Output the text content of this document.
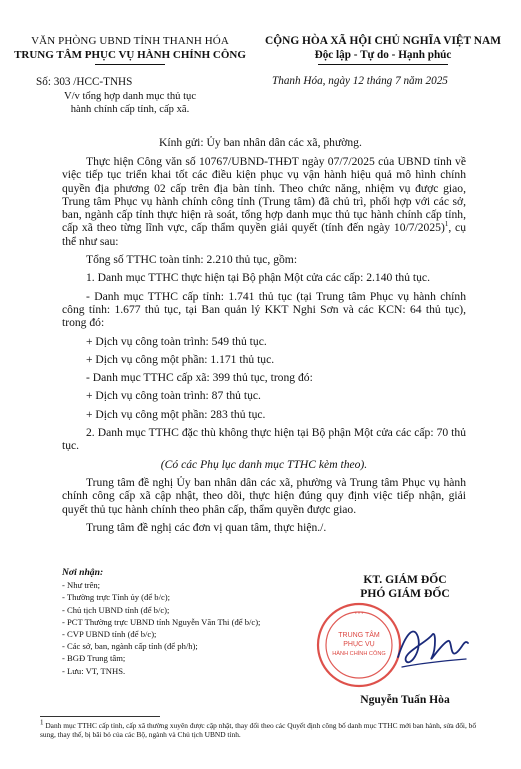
VĂN PHÒNG UBND TỈNH THANH HÓA
TRUNG TÂM PHỤC VỤ HÀNH CHÍNH CÔNG
CỘNG HÒA XÃ HỘI CHỦ NGHĨA VIỆT NAM
Độc lập - Tự do - Hạnh phúc
Số: 303 /HCC-TNHS
V/v tổng hợp danh mục thủ tục
hành chính cấp tỉnh, cấp xã.
Thanh Hóa, ngày 12 tháng 7 năm 2025
Kính gửi: Ủy ban nhân dân các xã, phường.

Thực hiện Công văn số 10767/UBND-THĐT ngày 07/7/2025 của UBND tỉnh về việc tiếp tục triển khai tốt các điều kiện phục vụ vận hành hiệu quả mô hình chính quyền địa phương 02 cấp trên địa bàn tỉnh. Theo chức năng, nhiệm vụ được giao, Trung tâm Phục vụ hành chính công tỉnh (Trung tâm) đã chủ trì, phối hợp với các sở, ban, ngành cấp tỉnh thực hiện rà soát, tổng hợp danh mục thủ tục hành chính cấp tỉnh, cấp xã theo từng lĩnh vực, cấp thẩm quyền giải quyết (tính đến ngày 10/7/2025)$^1$, cụ thể như sau:

Tổng số TTHC toàn tỉnh: 2.210 thủ tục, gồm:

1. Danh mục TTHC thực hiện tại Bộ phận Một cửa các cấp: 2.140 thủ tục.

- Danh mục TTHC cấp tỉnh: 1.741 thủ tục (tại Trung tâm Phục vụ hành chính công tỉnh: 1.677 thủ tục, tại Ban quản lý KKT Nghi Sơn và các KCN: 64 thủ tục), trong đó:

+ Dịch vụ công toàn trình: 549 thủ tục.

+ Dịch vụ công một phần: 1.171 thủ tục.

- Danh mục TTHC cấp xã: 399 thủ tục, trong đó:

+ Dịch vụ công toàn trình: 87 thủ tục.

+ Dịch vụ công một phần: 283 thủ tục.

2. Danh mục TTHC đặc thù không thực hiện tại Bộ phận Một cửa các cấp: 70 thủ tục.

(Có các Phụ lục danh mục TTHC kèm theo).

Trung tâm đề nghị Ủy ban nhân dân các xã, phường và Trung tâm Phục vụ hành chính công cấp xã cập nhật, theo dõi, thực hiện đúng quy định việc tiếp nhận, giải quyết thủ tục hành chính theo phân cấp, thẩm quyền được giao.

Trung tâm đề nghị các đơn vị quan tâm, thực hiện./.

Nơi nhận:
- Như trên;
- Thường trực Tỉnh ủy (để b/c);
- Chủ tịch UBND tỉnh (để b/c);
- PCT Thường trực UBND tỉnh Nguyễn Văn Thi (để b/c);
- CVP UBND tỉnh (để b/c);
- Các sở, ban, ngành cấp tỉnh (để ph/h);
- BGĐ Trung tâm;
- Lưu: VT, TNHS.
KT. GIÁM ĐỐC
PHÓ GIÁM ĐỐC
TRUNG TÂM
PHỤC VỤ
HÀNH CHÍNH CÔNG
* * *
Nguyễn Tuấn Hòa
$^1$ Danh mục TTHC cấp tỉnh, cấp xã thường xuyên được cập nhật, thay đổi theo các Quyết định công bố danh mục TTHC mới ban hành, sửa đổi, bổ sung, thay thế, bị bãi bỏ của các Bộ, ngành và Chủ tịch UBND tỉnh.
